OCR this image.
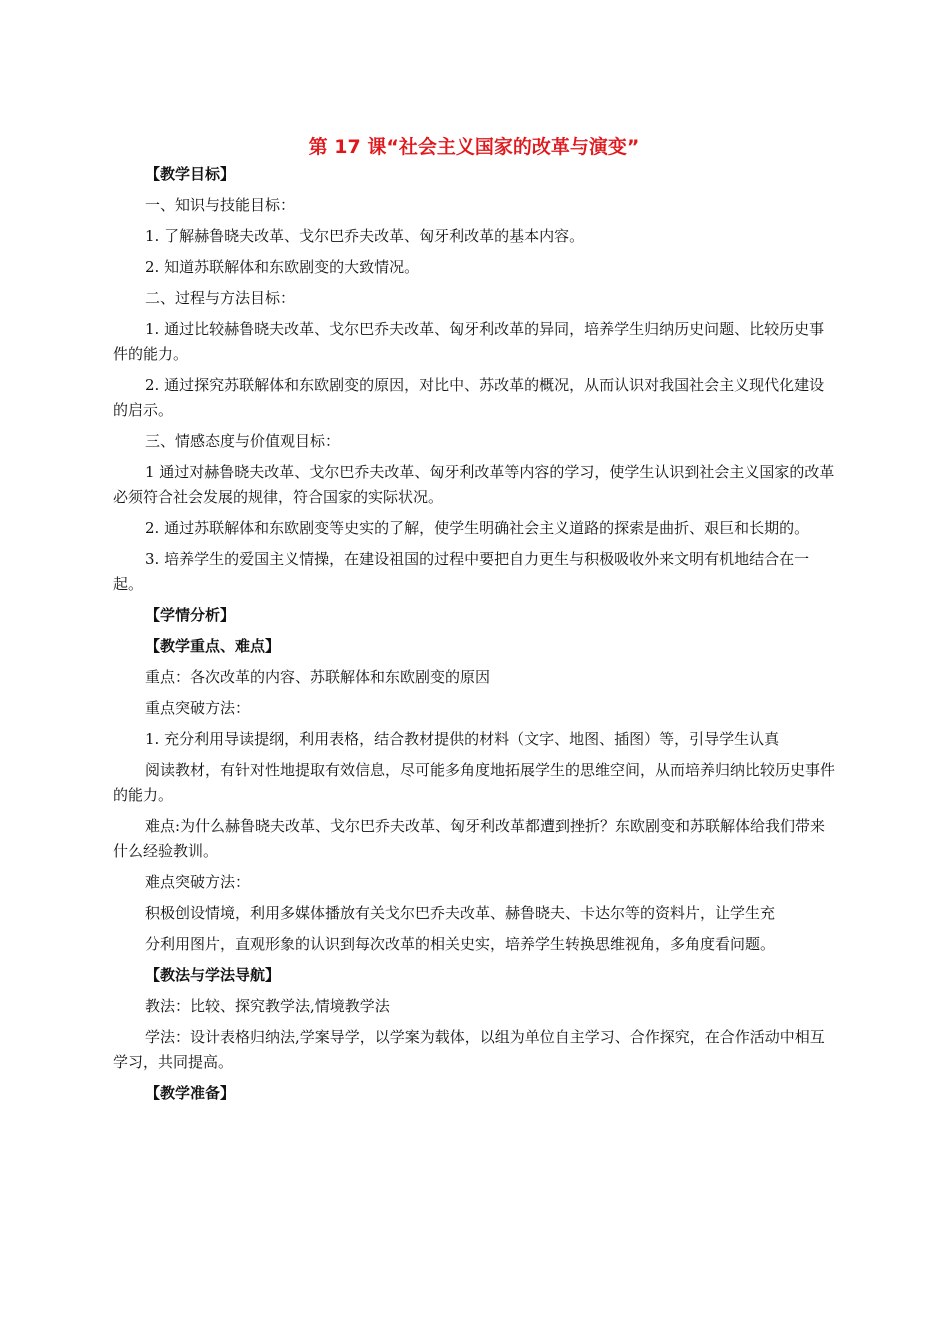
第 17 课“社会主义国家的改革与演变”
【教学目标】

一、知识与技能目标：

1. 了解赫鲁晓夫改革、戈尔巴乔夫改革、匈牙利改革的基本内容。

2. 知道苏联解体和东欧剧变的大致情况。

二、过程与方法目标：

1. 通过比较赫鲁晓夫改革、戈尔巴乔夫改革、匈牙利改革的异同，培养学生归纳历史问题、比较历史事件的能力。

2. 通过探究苏联解体和东欧剧变的原因，对比中、苏改革的概况，从而认识对我国社会主义现代化建设的启示。

三、情感态度与价值观目标：

1 通过对赫鲁晓夫改革、戈尔巴乔夫改革、匈牙利改革等内容的学习，使学生认识到社会主义国家的改革必须符合社会发展的规律，符合国家的实际状况。

2. 通过苏联解体和东欧剧变等史实的了解，使学生明确社会主义道路的探索是曲折、艰巨和长期的。

3. 培养学生的爱国主义情操，在建设祖国的过程中要把自力更生与积极吸收外来文明有机地结合在一起。

【学情分析】
【教学重点、难点】

重点：各次改革的内容、苏联解体和东欧剧变的原因

重点突破方法：

1. 充分利用导读提纲，利用表格，结合教材提供的材料（文字、地图、插图）等，引导学生认真

阅读教材，有针对性地提取有效信息，尽可能多角度地拓展学生的思维空间，从而培养归纳比较历史事件的能力。

难点:为什么赫鲁晓夫改革、戈尔巴乔夫改革、匈牙利改革都遭到挫折？东欧剧变和苏联解体给我们带来什么经验教训。

难点突破方法：

积极创设情境，利用多媒体播放有关戈尔巴乔夫改革、赫鲁晓夫、卡达尔等的资料片，让学生充

分利用图片，直观形象的认识到每次改革的相关史实，培养学生转换思维视角，多角度看问题。

【教法与学法导航】

教法：比较、探究教学法,情境教学法

学法：设计表格归纳法,学案导学，以学案为载体，以组为单位自主学习、合作探究，在合作活动中相互学习，共同提高。

【教学准备】
